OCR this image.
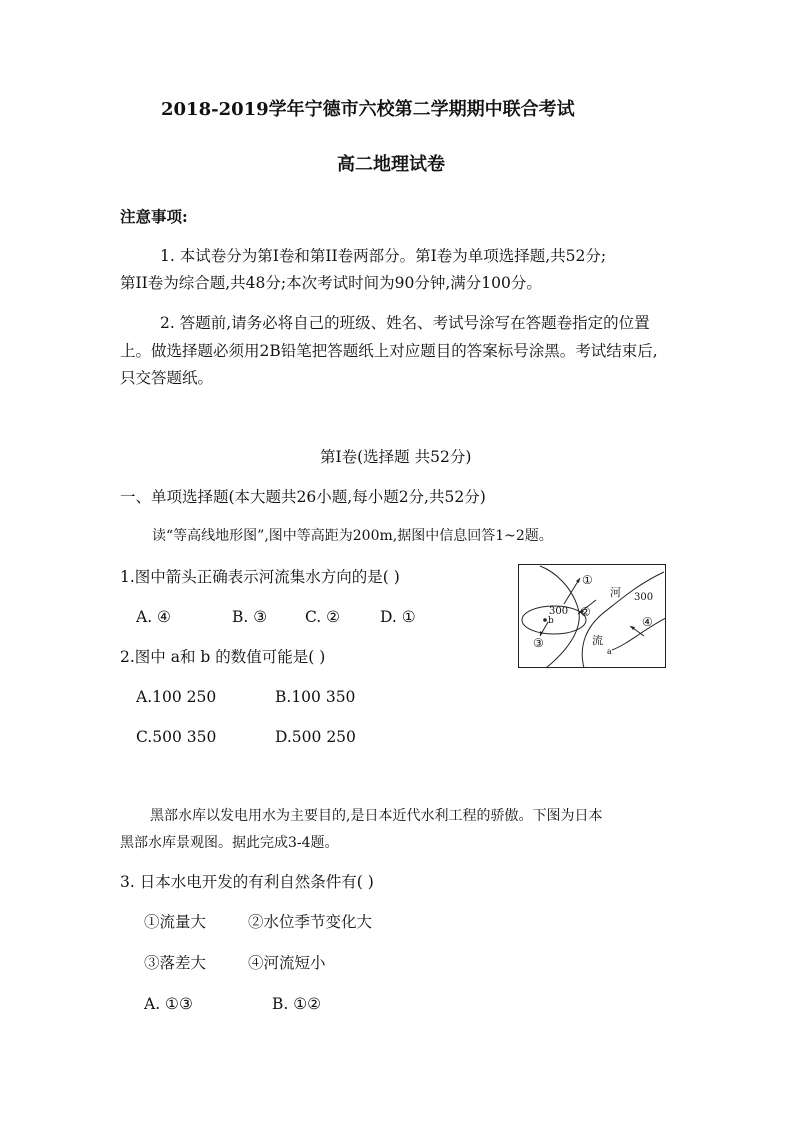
2018-2019学年宁德市六校第二学期期中联合考试
高二地理试卷
注意事项:
1. 本试卷分为第I卷和第II卷两部分。第I卷为单项选择题,共52分;
第II卷为综合题,共48分;本次考试时间为90分钟,满分100分。
2. 答题前,请务必将自己的班级、姓名、考试号涂写在答题卷指定的位置
上。做选择题必须用2B铅笔把答题纸上对应题目的答案标号涂黑。考试结束后,
只交答题纸。
第I卷(选择题 共52分)
一、单项选择题(本大题共26小题,每小题2分,共52分)
读“等高线地形图”,图中等高距为200m,据图中信息回答1~2题。
1.图中箭头正确表示河流集水方向的是( )
A. ④	B. ③ C. ②	D. ①
2.图中 a和 b 的数值可能是( )
A.100 250	B.100 350
C.500 350	D.500 250
①
②
③
④
300
300
河
流
b
a
黑部水库以发电用水为主要目的,是日本近代水利工程的骄傲。下图为日本
黑部水库景观图。据此完成3-4题。
3. 日本水电开发的有利自然条件有( )
①流量大	②水位季节变化大
③落差大	④河流短小
A. ①③	B. ①②
